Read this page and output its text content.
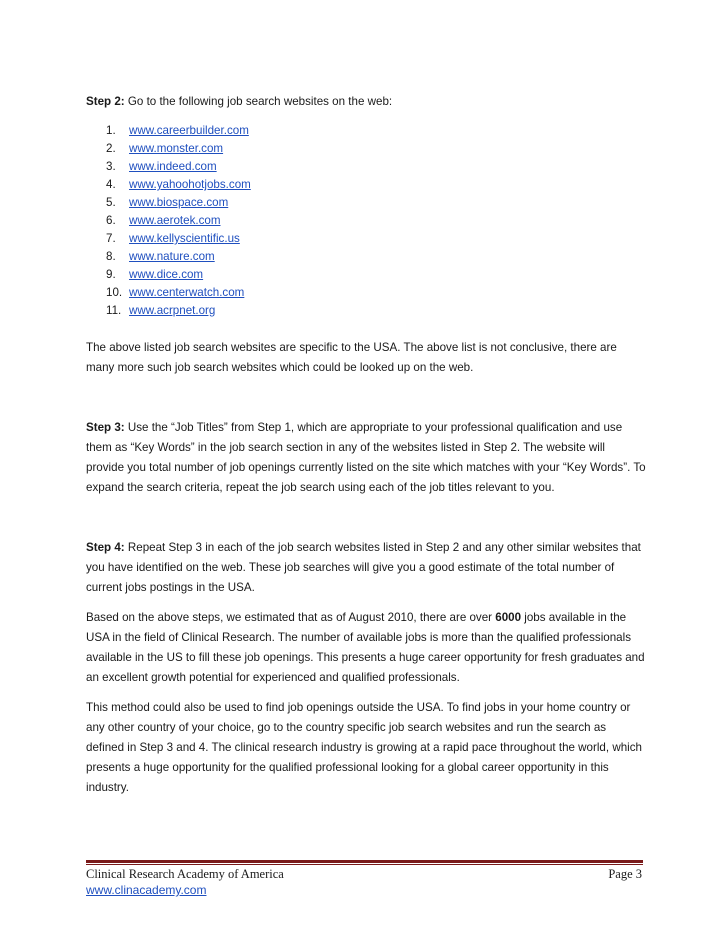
Step 2: Go to the following job search websites on the web:

1.	www.careerbuilder.com
2.	www.monster.com
3.	www.indeed.com
4.	www.yahoohotjobs.com
5.	www.biospace.com
6.	www.aerotek.com
7.	www.kellyscientific.us
8.	www.nature.com
9.	www.dice.com
10. www.centerwatch.com
11. www.acrpnet.org

The above listed job search websites are specific to the USA. The above list is not conclusive, there are many more such job search websites which could be looked up on the web.

Step 3: Use the “Job Titles” from Step 1, which are appropriate to your professional qualification and use them as “Key Words” in the job search section in any of the websites listed in Step 2. The website will provide you total number of job openings currently listed on the site which matches with your “Key Words”. To expand the search criteria, repeat the job search using each of the job titles relevant to you.

Step 4: Repeat Step 3 in each of the job search websites listed in Step 2 and any other similar websites that you have identified on the web. These job searches will give you a good estimate of the total number of current jobs postings in the USA.

Based on the above steps, we estimated that as of August 2010, there are over 6000 jobs available in the USA in the field of Clinical Research. The number of available jobs is more than the qualified professionals available in the US to fill these job openings. This presents a huge career opportunity for fresh graduates and an excellent growth potential for experienced and qualified professionals.

This method could also be used to find job openings outside the USA. To find jobs in your home country or any other country of your choice, go to the country specific job search websites and run the search as defined in Step 3 and 4. The clinical research industry is growing at a rapid pace throughout the world, which presents a huge opportunity for the qualified professional looking for a global career opportunity in this industry.

Clinical Research Academy of America	Page 3
www.clinacademy.com
